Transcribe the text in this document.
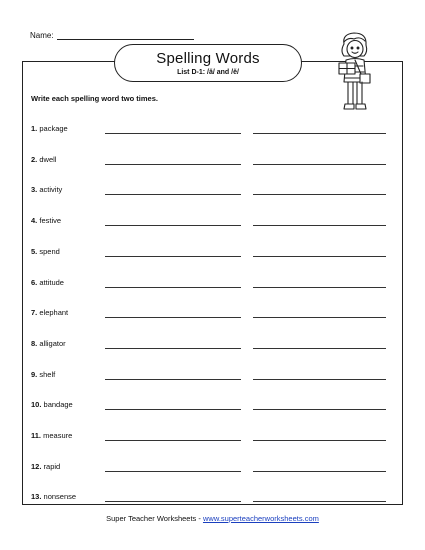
Name:
Spelling Words
List D-1: /ă/ and /ĕ/
Write each spelling word two times.
1. package
2. dwell
3. activity
4. festive
5. spend
6. attitude
7. elephant
8. alligator
9. shelf
10. bandage
11. measure
12. rapid
13. nonsense
Super Teacher Worksheets - www.superteacherworksheets.com
